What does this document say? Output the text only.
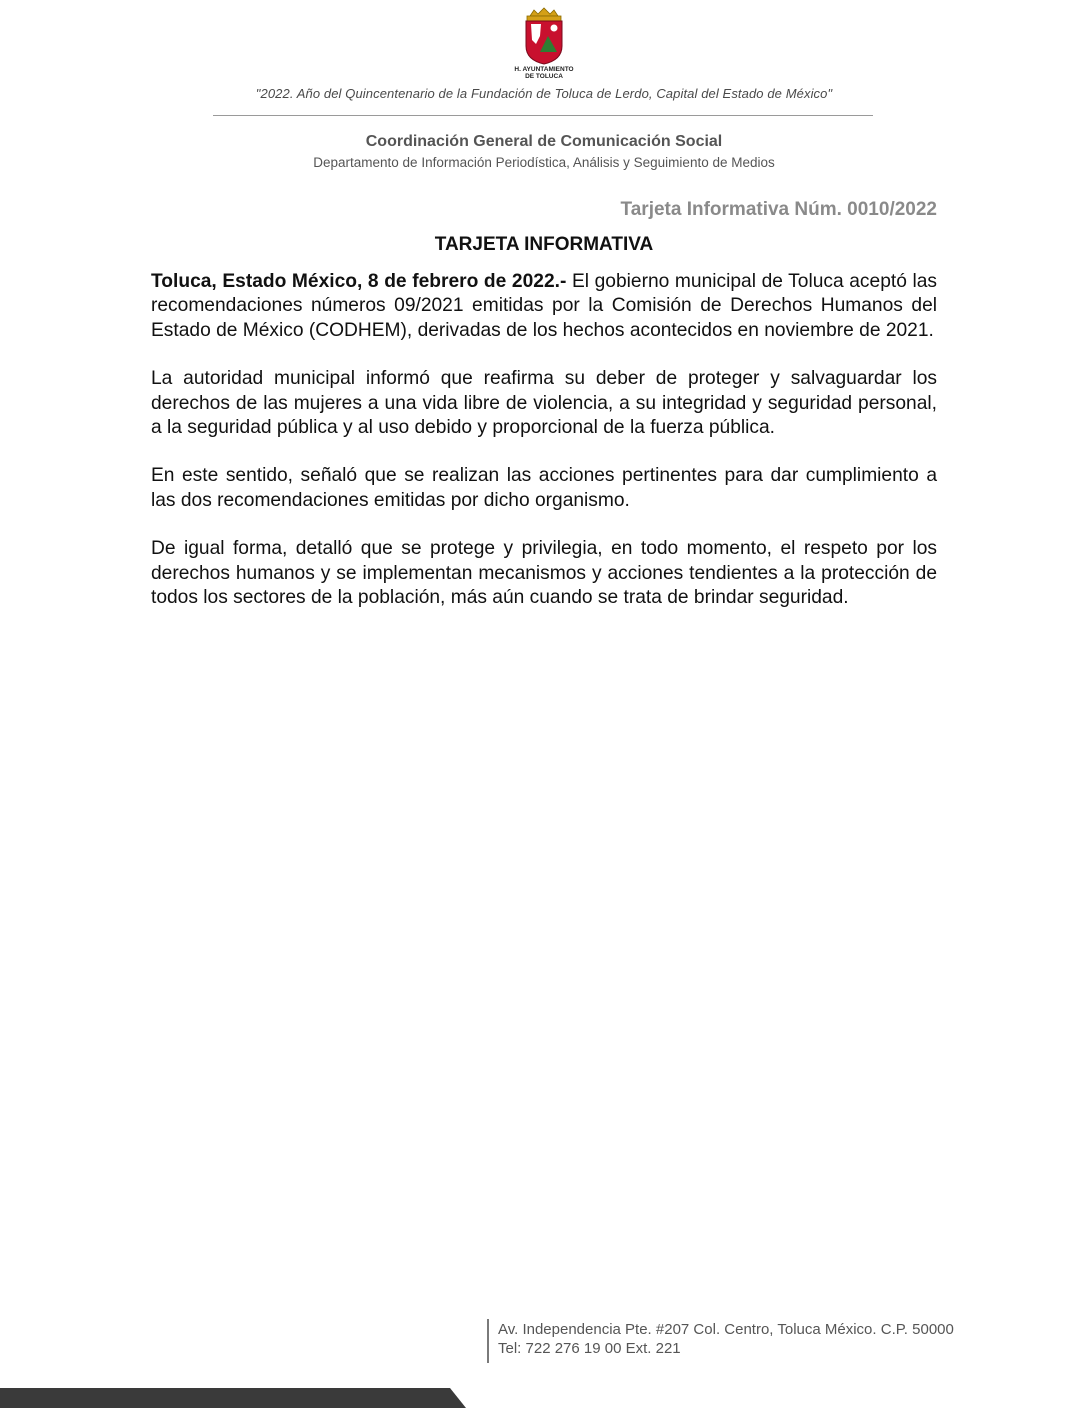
H. AYUNTAMIENTO
DE TOLUCA
"2022. Año del Quincentenario de la Fundación de Toluca de Lerdo, Capital del Estado de México"
Coordinación General de Comunicación Social
Departamento de Información Periodística, Análisis y Seguimiento de Medios
Tarjeta Informativa Núm. 0010/2022
TARJETA INFORMATIVA

Toluca, Estado México, 8 de febrero de 2022.- El gobierno municipal de Toluca aceptó las recomendaciones números 09/2021 emitidas por la Comisión de Derechos Humanos del Estado de México (CODHEM), derivadas de los hechos acontecidos en noviembre de 2021.

La autoridad municipal informó que reafirma su deber de proteger y salvaguardar los derechos de las mujeres a una vida libre de violencia, a su integridad y seguridad personal, a la seguridad pública y al uso debido y proporcional de la fuerza pública.

En este sentido, señaló que se realizan las acciones pertinentes para dar cumplimiento a las dos recomendaciones emitidas por dicho organismo.

De igual forma, detalló que se protege y privilegia, en todo momento, el respeto por los derechos humanos y se implementan mecanismos y acciones tendientes a la protección de todos los sectores de la población, más aún cuando se trata de brindar seguridad.

Av. Independencia Pte. #207 Col. Centro, Toluca México. C.P. 50000
Tel: 722 276 19 00 Ext. 221
